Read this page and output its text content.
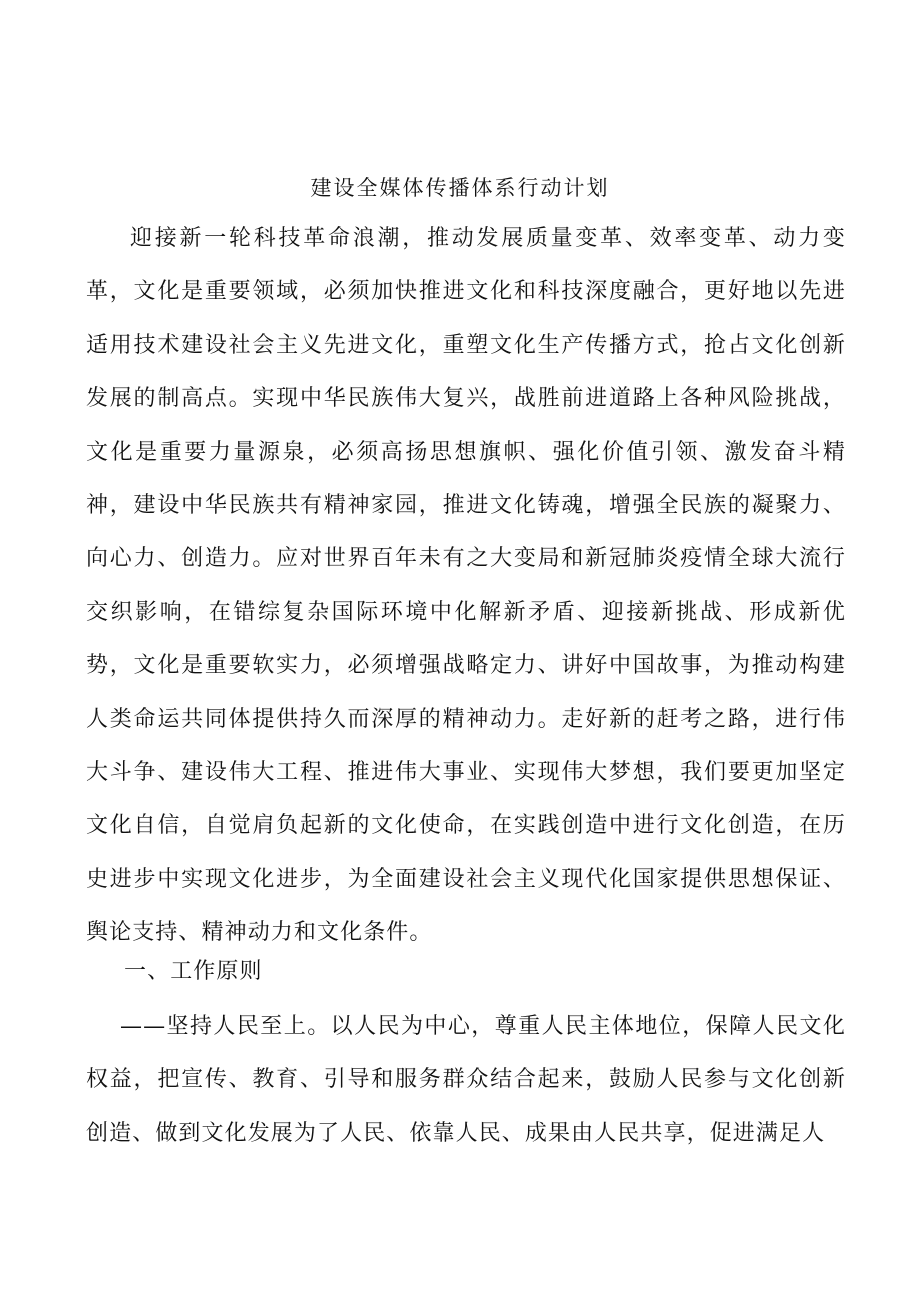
建设全媒体传播体系行动计划

迎接新一轮科技革命浪潮，推动发展质量变革、效率变革、动力变革，文化是重要领域，必须加快推进文化和科技深度融合，更好地以先进适用技术建设社会主义先进文化，重塑文化生产传播方式，抢占文化创新发展的制高点。实现中华民族伟大复兴，战胜前进道路上各种风险挑战，文化是重要力量源泉，必须高扬思想旗帜、强化价值引领、激发奋斗精神，建设中华民族共有精神家园，推进文化铸魂，增强全民族的凝聚力、向心力、创造力。应对世界百年未有之大变局和新冠肺炎疫情全球大流行交织影响，在错综复杂国际环境中化解新矛盾、迎接新挑战、形成新优势，文化是重要软实力，必须增强战略定力、讲好中国故事，为推动构建人类命运共同体提供持久而深厚的精神动力。走好新的赶考之路，进行伟大斗争、建设伟大工程、推进伟大事业、实现伟大梦想，我们要更加坚定文化自信，自觉肩负起新的文化使命，在实践创造中进行文化创造，在历史进步中实现文化进步，为全面建设社会主义现代化国家提供思想保证、舆论支持、精神动力和文化条件。

一、工作原则

——坚持人民至上。以人民为中心，尊重人民主体地位，保障人民文化权益，把宣传、教育、引导和服务群众结合起来，鼓励人民参与文化创新创造、做到文化发展为了人民、依靠人民、成果由人民共享，促进满足人
